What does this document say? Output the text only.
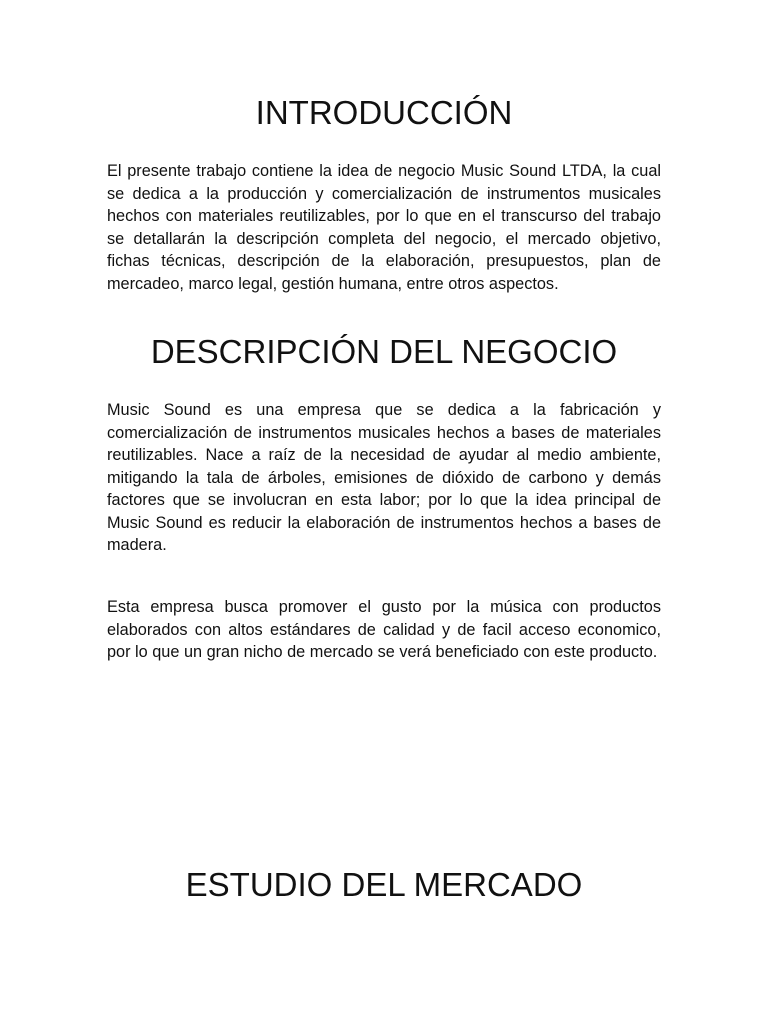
INTRODUCCIÓN

El presente trabajo contiene la idea de negocio Music Sound LTDA, la cual se dedica a la producción y comercialización de instrumentos musicales hechos con materiales reutilizables, por lo que en el transcurso del trabajo se detallarán la descripción completa del negocio, el mercado objetivo, fichas técnicas, descripción de la elaboración, presupuestos, plan de mercadeo, marco legal, gestión humana, entre otros aspectos.

DESCRIPCIÓN DEL NEGOCIO

Music Sound es una empresa que se dedica a la fabricación y comercialización de instrumentos musicales hechos a bases de materiales reutilizables. Nace a raíz de la necesidad de ayudar al medio ambiente, mitigando la tala de árboles, emisiones de dióxido de carbono y demás factores que se involucran en esta labor; por lo que la idea principal de Music Sound es reducir la elaboración de instrumentos hechos a bases de madera.

Esta empresa busca promover el gusto por la música con productos elaborados con altos estándares de calidad y de facil acceso economico, por lo que un gran nicho de mercado se verá beneficiado con este producto.

ESTUDIO DEL MERCADO
